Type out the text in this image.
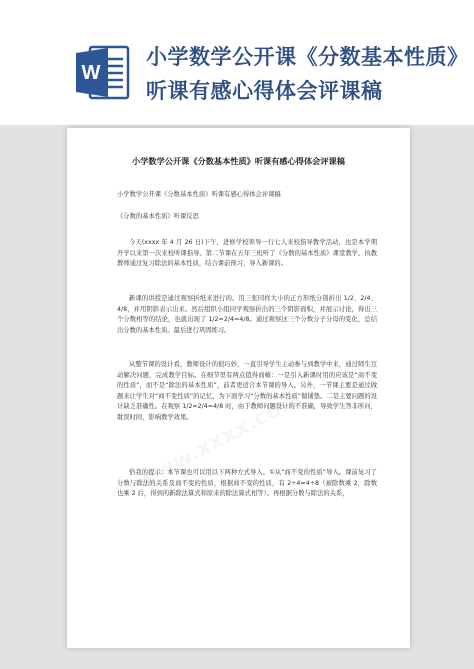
W
小学数学公开课《分数基本性质》听课有感心得体会评课稿
小学数学公开课《分数基本性质》听课有感心得体会评课稿
小学数学公开课《分数基本性质》听课有感心得体会评课稿
《分数的基本性质》听课反思
今天(xxxx 年 4 月 26 日)下午，进修学校领导一行七人来校指导教学活动，也是本学期开学以来第一次来校听课指导。第二节课在五年三班听了《分数的基本性质》课堂教学。执教教师通过复习除法的基本性质，结合课前预习，导入新课的。
新课的讲授是通过观察折纸来进行的。用三张同样大小的正方形纸分别折出 1/2、2/4、4/8，并用阴影表示出来。然后组织小组同学观察折出的三个阴影面积，并展示讨论，得出三个分数相等的结论，也就出现了 1/2=2/4=4/8。通过观察这三个分数分子分母的变化，总结出分数的基本性质。最后进行巩固练习。
从整节课的设计看，教师设计的很巧妙，一直引导学生主动参与到教学中来，通过师生互动解决问题，完成教学目标。在细节里有两点值得商榷：一是引入新课时用的应该是“商不变的性质”，而不是“除法的基本性质”，前者更适合本节课的导入。另外，一节课主要是通过做题来让学生对“商不变性质”的记忆，为下面学习“分数的基本性质”做铺垫。二是主要问题的设计缺乏准确性。在观察 1/2=2/4=4/8 时，由于教师问题设计的不准确，导致学生答非所问，耽误时间，影响教学效果。
恰我的提示：本节课也可以用以下两种方式导入。①从“商不变的性质”导入。课前复习了分数与除法的关系及商不变的性质，根据商不变的性质，有 2÷4=4÷8（被除数乘 2，除数也乘 2 后，得到的新除法算式和原来的除法算式相等）。再根据分数与除法的关系，
